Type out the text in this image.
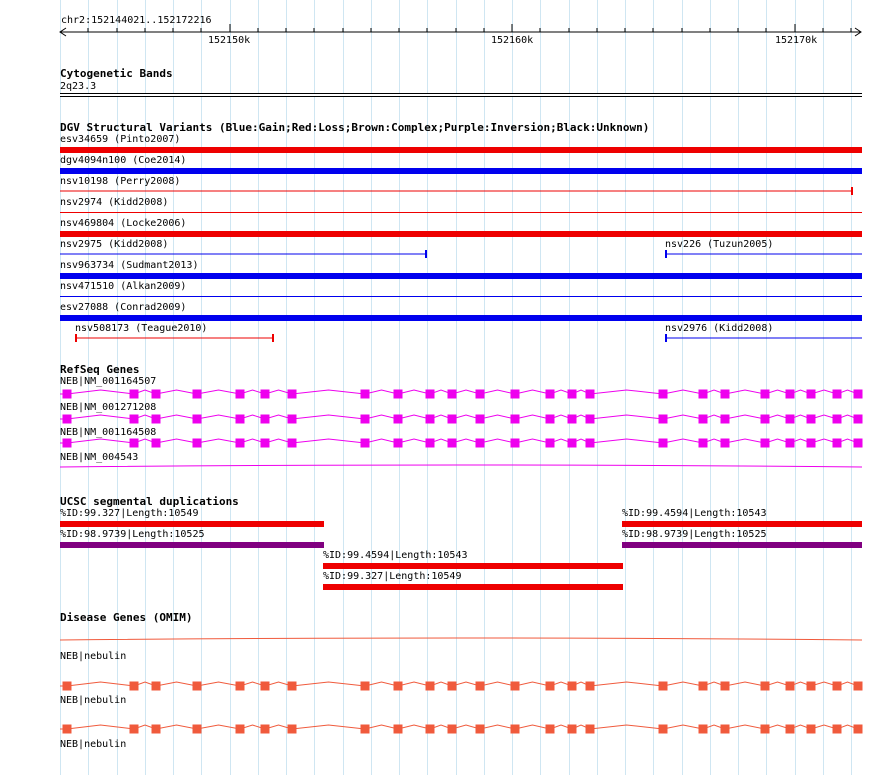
chr2:152144021..152172216
152150k	152160k	152170k
Cytogenetic Bands
2q23.3
DGV Structural Variants (Blue:Gain;Red:Loss;Brown:Complex;Purple:Inversion;Black:Unknown)
esv34659 (Pinto2007)
dgv4094n100 (Coe2014)
nsv10198 (Perry2008)
nsv2974 (Kidd2008)
nsv469804 (Locke2006)
nsv2975 (Kidd2008)	nsv226 (Tuzun2005)
nsv963734 (Sudmant2013)
nsv471510 (Alkan2009)
esv27088 (Conrad2009)
nsv508173 (Teague2010)	nsv2976 (Kidd2008)
RefSeq Genes
NEB|NM_001164507
NEB|NM_001271208
NEB|NM_001164508
NEB|NM_004543
UCSC segmental duplications
%ID:99.327|Length:10549	%ID:99.4594|Length:10543
%ID:98.9739|Length:10525	%ID:98.9739|Length:10525
%ID:99.4594|Length:10543
%ID:99.327|Length:10549
Disease Genes (OMIM)
NEB|nebulin
NEB|nebulin
NEB|nebulin
